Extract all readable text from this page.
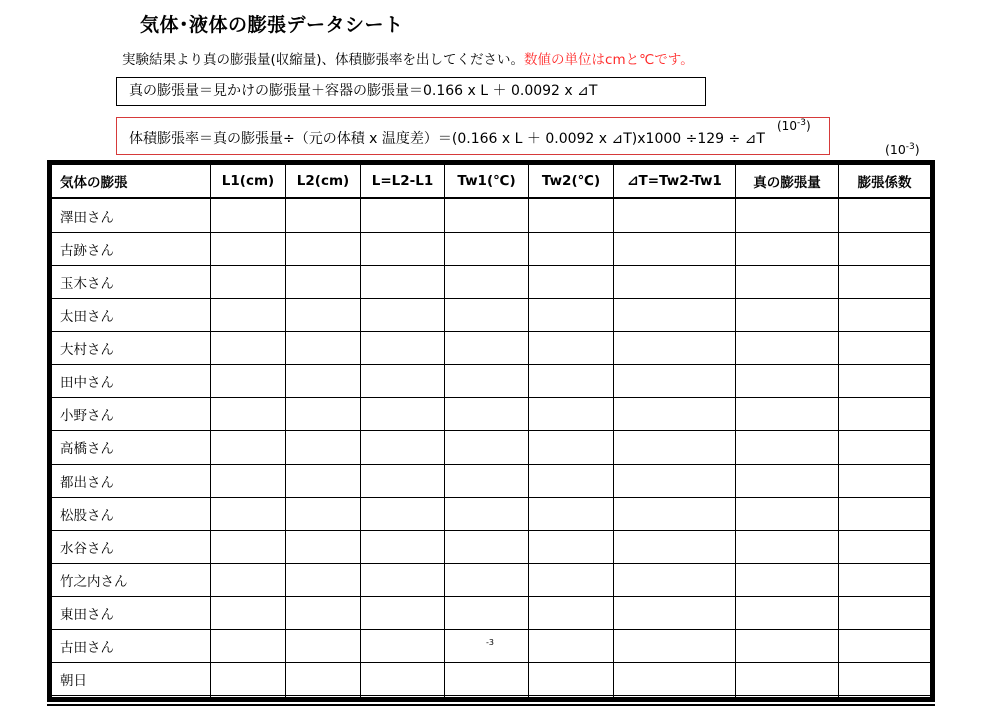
気体･液体の膨張データシート
実験結果より真の膨張量(収縮量)、体積膨張率を出してください。数値の単位はcmと℃です。
真の膨張量＝見かけの膨張量＋容器の膨張量＝0.166 x L ＋ 0.0092 x ⊿T
体積膨張率＝真の膨張量÷（元の体積 x 温度差）＝(0.166 x L ＋ 0.0092 x ⊿T)x1000 ÷129 ÷ ⊿T
$(10^{-3})$
$(10^{-3})$
気体の膨張	L1(cm)	L2(cm)	L=L2-L1	Tw1(℃)	Tw2(℃)	⊿T=Tw2-Tw1	真の膨張量	膨張係数
澤田さん								
古跡さん								
玉木さん								
太田さん								
大村さん								
田中さん								
小野さん								
高橋さん								
都出さん								
松股さん								
水谷さん								
竹之内さん								
東田さん								
古田さん								
朝日								

-3
